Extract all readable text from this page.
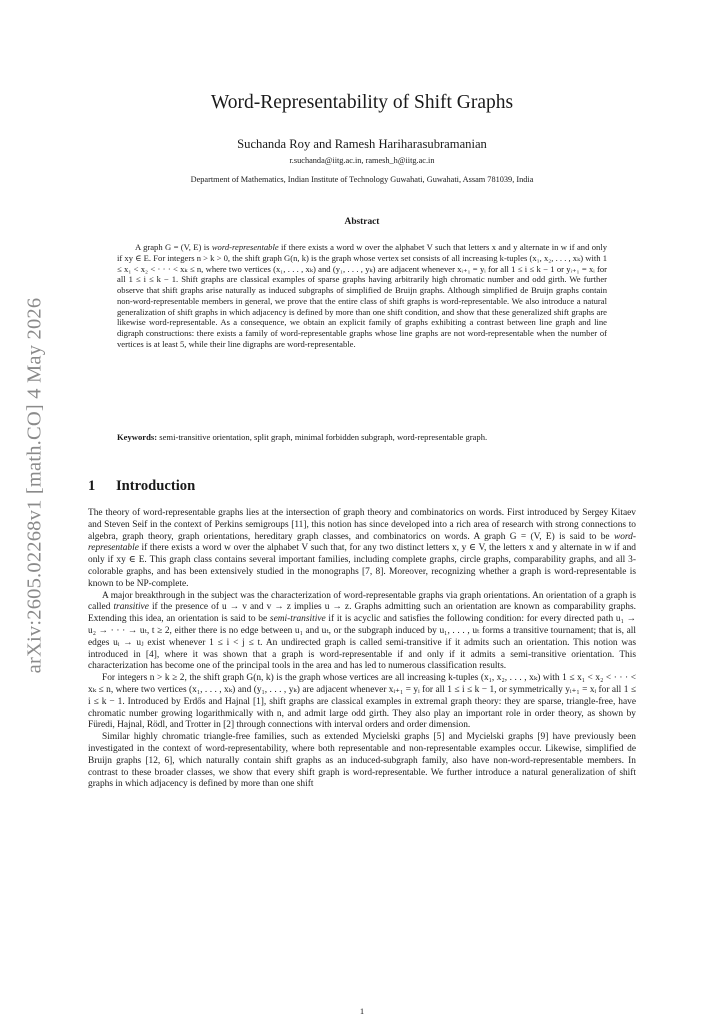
arXiv:2605.02268v1 [math.CO] 4 May 2026
Word-Representability of Shift Graphs
Suchanda Roy and Ramesh Hariharasubramanian
r.suchanda@iitg.ac.in, ramesh_h@iitg.ac.in
Department of Mathematics, Indian Institute of Technology Guwahati, Guwahati, Assam 781039, India
Abstract

A graph G = (V, E) is word-representable if there exists a word w over the alphabet V such that letters x and y alternate in w if and only if xy ∈ E. For integers n > k > 0, the shift graph G(n, k) is the graph whose vertex set consists of all increasing k-tuples (x₁, x₂, . . . , xₖ) with 1 ≤ x₁ < x₂ < · · · < xₖ ≤ n, where two vertices (x₁, . . . , xₖ) and (y₁, . . . , yₖ) are adjacent whenever xᵢ₊₁ = yᵢ for all 1 ≤ i ≤ k − 1 or yᵢ₊₁ = xᵢ for all 1 ≤ i ≤ k − 1. Shift graphs are classical examples of sparse graphs having arbitrarily high chromatic number and odd girth. We further observe that shift graphs arise naturally as induced subgraphs of simplified de Bruijn graphs. Although simplified de Bruijn graphs contain non-word-representable members in general, we prove that the entire class of shift graphs is word-representable. We also introduce a natural generalization of shift graphs in which adjacency is defined by more than one shift condition, and show that these generalized shift graphs are likewise word-representable. As a consequence, we obtain an explicit family of graphs exhibiting a contrast between line graph and line digraph constructions: there exists a family of word-representable graphs whose line graphs are not word-representable when the number of vertices is at least 5, while their line digraphs are word-representable.

Keywords: semi-transitive orientation, split graph, minimal forbidden subgraph, word-representable graph.

1 Introduction

The theory of word-representable graphs lies at the intersection of graph theory and combinatorics on words. First introduced by Sergey Kitaev and Steven Seif in the context of Perkins semigroups [11], this notion has since developed into a rich area of research with strong connections to algebra, graph theory, graph orientations, hereditary graph classes, and combinatorics on words. A graph G = (V, E) is said to be word-representable if there exists a word w over the alphabet V such that, for any two distinct letters x, y ∈ V, the letters x and y alternate in w if and only if xy ∈ E. This graph class contains several important families, including complete graphs, circle graphs, comparability graphs, and all 3-colorable graphs, and has been extensively studied in the monographs [7, 8]. Moreover, recognizing whether a graph is word-representable is known to be NP-complete.

A major breakthrough in the subject was the characterization of word-representable graphs via graph orientations. An orientation of a graph is called transitive if the presence of u → v and v → z implies u → z. Graphs admitting such an orientation are known as comparability graphs. Extending this idea, an orientation is said to be semi-transitive if it is acyclic and satisfies the following condition: for every directed path u₁ → u₂ → · · · → uₜ, t ≥ 2, either there is no edge between u₁ and uₜ, or the subgraph induced by u₁, . . . , uₜ forms a transitive tournament; that is, all edges uᵢ → uⱼ exist whenever 1 ≤ i < j ≤ t. An undirected graph is called semi-transitive if it admits such an orientation. This notion was introduced in [4], where it was shown that a graph is word-representable if and only if it admits a semi-transitive orientation. This characterization has become one of the principal tools in the area and has led to numerous classification results.

For integers n > k ≥ 2, the shift graph G(n, k) is the graph whose vertices are all increasing k-tuples (x₁, x₂, . . . , xₖ) with 1 ≤ x₁ < x₂ < · · · < xₖ ≤ n, where two vertices (x₁, . . . , xₖ) and (y₁, . . . , yₖ) are adjacent whenever xᵢ₊₁ = yᵢ for all 1 ≤ i ≤ k − 1, or symmetrically yᵢ₊₁ = xᵢ for all 1 ≤ i ≤ k − 1. Introduced by Erdős and Hajnal [1], shift graphs are classical examples in extremal graph theory: they are sparse, triangle-free, have chromatic number growing logarithmically with n, and admit large odd girth. They also play an important role in order theory, as shown by Füredi, Hajnal, Rödl, and Trotter in [2] through connections with interval orders and order dimension.

Similar highly chromatic triangle-free families, such as extended Mycielski graphs [5] and Mycielski graphs [9] have previously been investigated in the context of word-representability, where both representable and non-representable examples occur. Likewise, simplified de Bruijn graphs [12, 6], which naturally contain shift graphs as an induced-subgraph family, also have non-word-representable members. In contrast to these broader classes, we show that every shift graph is word-representable. We further introduce a natural generalization of shift graphs in which adjacency is defined by more than one shift

1
